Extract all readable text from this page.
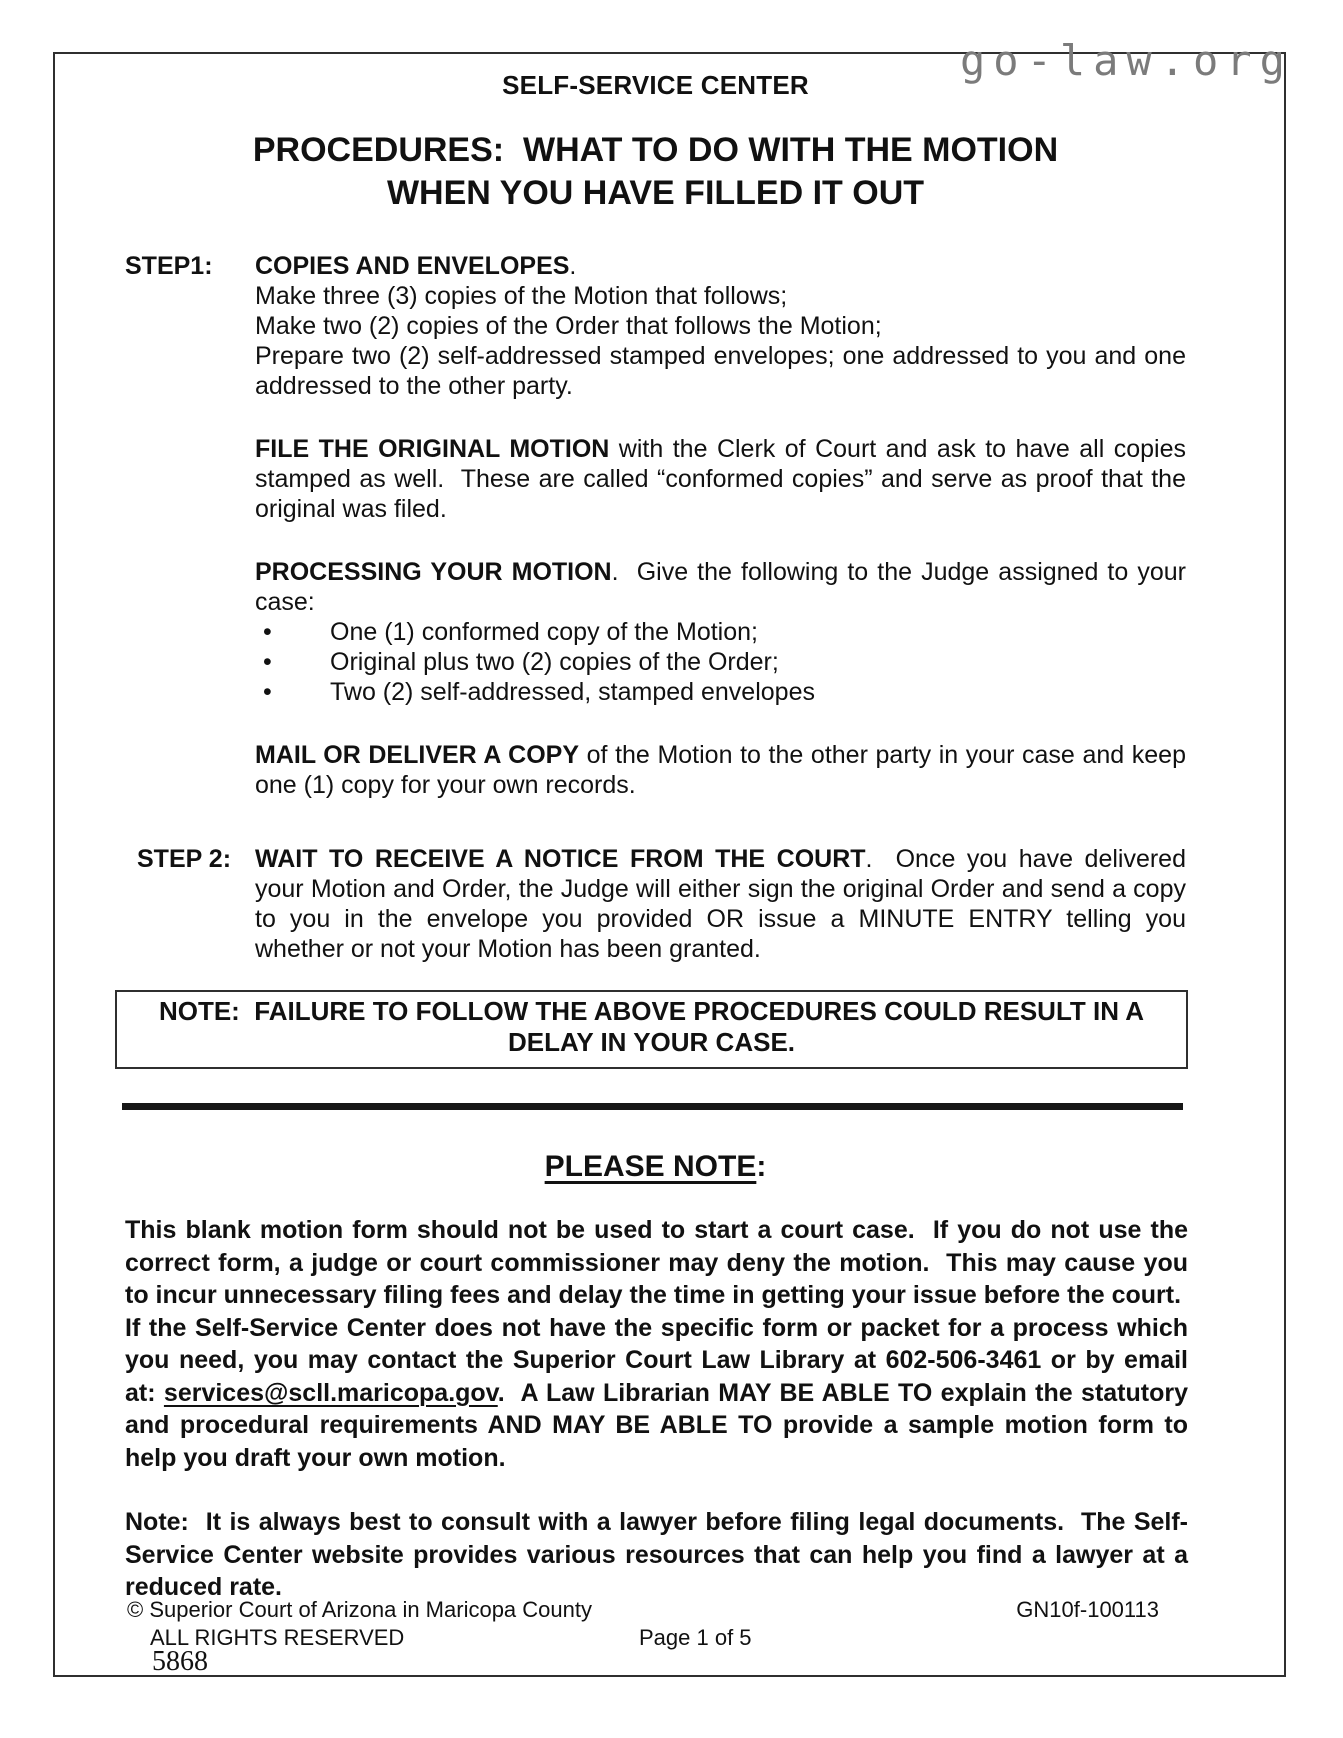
go-law.org
SELF-SERVICE CENTER
PROCEDURES:  WHAT TO DO WITH THE MOTION
WHEN YOU HAVE FILLED IT OUT
STEP1:	COPIES AND ENVELOPES.

Make three (3) copies of the Motion that follows;

Make two (2) copies of the Order that follows the Motion;

Prepare two (2) self-addressed stamped envelopes; one addressed to you and one addressed to the other party.

FILE THE ORIGINAL MOTION with the Clerk of Court and ask to have all copies stamped as well.  These are called “conformed copies” and serve as proof that the original was filed.

PROCESSING YOUR MOTION.  Give the following to the Judge assigned to your case:

• One (1) conformed copy of the Motion;
• Original plus two (2) copies of the Order;
• Two (2) self-addressed, stamped envelopes

MAIL OR DELIVER A COPY of the Motion to the other party in your case and keep one (1) copy for your own records.

STEP 2: WAIT TO RECEIVE A NOTICE FROM THE COURT.  Once you have delivered your Motion and Order, the Judge will either sign the original Order and send a copy to you in the envelope you provided OR issue a MINUTE ENTRY telling you whether or not your Motion has been granted.

NOTE:  FAILURE TO FOLLOW THE ABOVE PROCEDURES COULD RESULT IN A
DELAY IN YOUR CASE.
PLEASE NOTE:

This blank motion form should not be used to start a court case.  If you do not use the correct form, a judge or court commissioner may deny the motion.  This may cause you to incur unnecessary filing fees and delay the time in getting your issue before the court.  If the Self-Service Center does not have the specific form or packet for a process which you need, you may contact the Superior Court Law Library at 602-506-3461 or by email at: services@scll.maricopa.gov.  A Law Librarian MAY BE ABLE TO explain the statutory and procedural requirements AND MAY BE ABLE TO provide a sample motion form to help you draft your own motion.

Note:  It is always best to consult with a lawyer before filing legal documents.  The Self-Service Center website provides various resources that can help you find a lawyer at a reduced rate.

© Superior Court of Arizona in Maricopa County	GN10f-100113
ALL RIGHTS RESERVED	Page 1 of 5
5868
